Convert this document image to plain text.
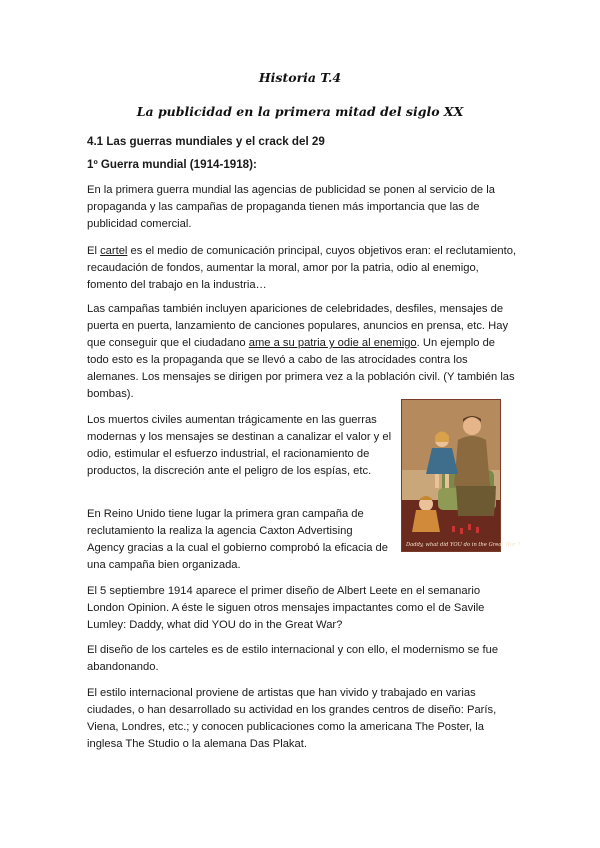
Historia T.4
La publicidad en la primera mitad del siglo XX
4.1 Las guerras mundiales y el crack del 29
1º Guerra mundial (1914-1918):

En la primera guerra mundial las agencias de publicidad se ponen al servicio de la propaganda y las campañas de propaganda tienen más importancia que las de publicidad comercial.

El cartel es el medio de comunicación principal, cuyos objetivos eran: el reclutamiento, recaudación de fondos, aumentar la moral, amor por la patria, odio al enemigo, fomento del trabajo en la industria…

Las campañas también incluyen apariciones de celebridades, desfiles, mensajes de puerta en puerta, lanzamiento de canciones populares, anuncios en prensa, etc. Hay que conseguir que el ciudadano ame a su patria y odie al enemigo. Un ejemplo de todo esto es la propaganda que se llevó a cabo de las atrocidades contra los alemanes. Los mensajes se dirigen por primera vez a la población civil. (Y también las bombas).

Los muertos civiles aumentan trágicamente en las guerras modernas y los mensajes se destinan a canalizar el valor y el odio, estimular el esfuerzo industrial, el racionamiento de productos, la discreción ante el peligro de los espías, etc.

Daddy, what did YOU do in the Great War ?

En Reino Unido tiene lugar la primera gran campaña de reclutamiento la realiza la agencia Caxton Advertising Agency gracias a la cual el gobierno comprobó la eficacia de una campaña bien organizada.

El 5 septiembre 1914 aparece el primer diseño de Albert Leete en el semanario London Opinion. A éste le siguen otros mensajes impactantes como el de Savile Lumley: Daddy, what did YOU do in the Great War?

El diseño de los carteles es de estilo internacional y con ello, el modernismo se fue abandonando.

El estilo internacional proviene de artistas que han vivido y trabajado en varias ciudades, o han desarrollado su actividad en los grandes centros de diseño: París, Viena, Londres, etc.; y conocen publicaciones como la americana The Poster, la inglesa The Studio o la alemana Das Plakat.
